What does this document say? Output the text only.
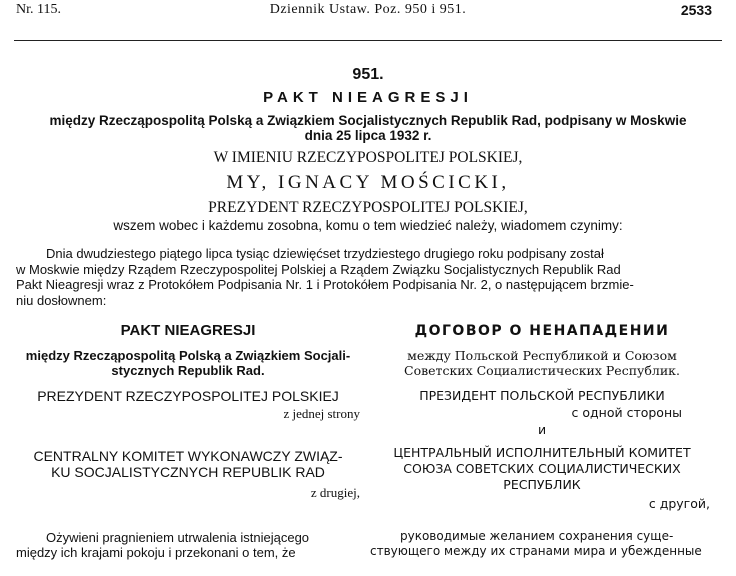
Nr. 115.	Dziennik Ustaw. Poz. 950 i 951.	2533
951.
PAKT NIEAGRESJI
między Rzecząpospolitą Polską a Związkiem Socjalistycznych Republik Rad, podpisany w Moskwie
dnia 25 lipca 1932 r.
W IMIENIU RZECZYPOSPOLITEJ POLSKIEJ,
MY, IGNACY MOŚCICKI,
PREZYDENT RZECZYPOSPOLITEJ POLSKIEJ,
wszem wobec i każdemu zosobna, komu o tem wiedzieć należy, wiadomem czynimy:
Dnia dwudziestego piątego lipca tysiąc dziewięćset trzydziestego drugiego roku podpisany został
w Moskwie między Rządem Rzeczypospolitej Polskiej a Rządem Związku Socjalistycznych Republik Rad
Pakt Nieagresji wraz z Protokółem Podpisania Nr. 1 i Protokółem Podpisania Nr. 2, o następującem brzmie-
niu dosłownem:
PAKT NIEAGRESJI
między Rzecząpospolitą Polską a Związkiem Socjali-
stycznych Republik Rad.
PREZYDENT RZECZYPOSPOLITEJ POLSKIEJ
z jednej strony
CENTRALNY KOMITET WYKONAWCZY ZWIĄZ-
KU SOCJALISTYCZNYCH REPUBLIK RAD
z drugiej,
Ożywieni pragnieniem utrwalenia istniejącego
między ich krajami pokoju i przekonani o tem, że
ДОГОВОР О НЕНАПАДЕНИИ
между Польской Республикой и Союзом
Советских Социалистических Республик.
ПРЕЗИДЕНТ ПОЛЬСКОЙ РЕСПУБЛИКИ
с одной стороны
и
ЦЕНТРАЛЬНЫЙ ИСПОЛНИТЕЛЬНЫЙ КОМИТЕТ
СОЮЗА СОВЕТСКИХ СОЦИАЛИСТИЧЕСКИХ
РЕСПУБЛИК
с другой,
руководимые желанием сохранения суще-
ствующего между их странами мира и убежденные
